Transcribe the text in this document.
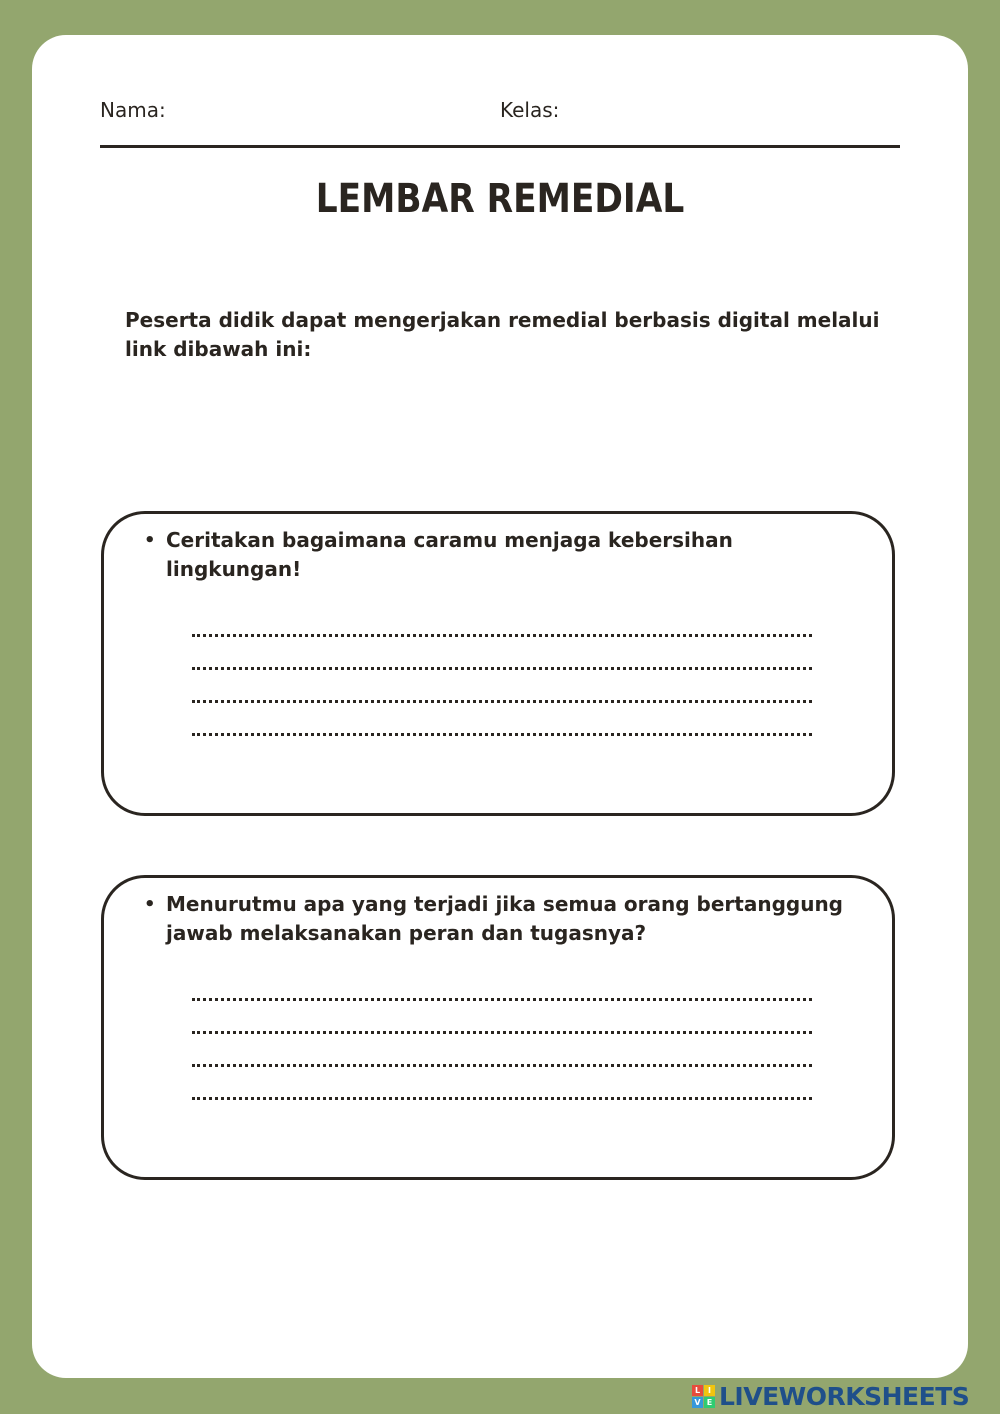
Nama:	Kelas:
LEMBAR REMEDIAL
Peserta didik dapat mengerjakan remedial berbasis digital melalui link dibawah ini:
• Ceritakan bagaimana caramu menjaga kebersihan lingkungan!
• Menurutmu apa yang terjadi jika semua orang bertanggung jawab melaksanakan peran dan tugasnya?
L I
V E LIVEWORKSHEETS
